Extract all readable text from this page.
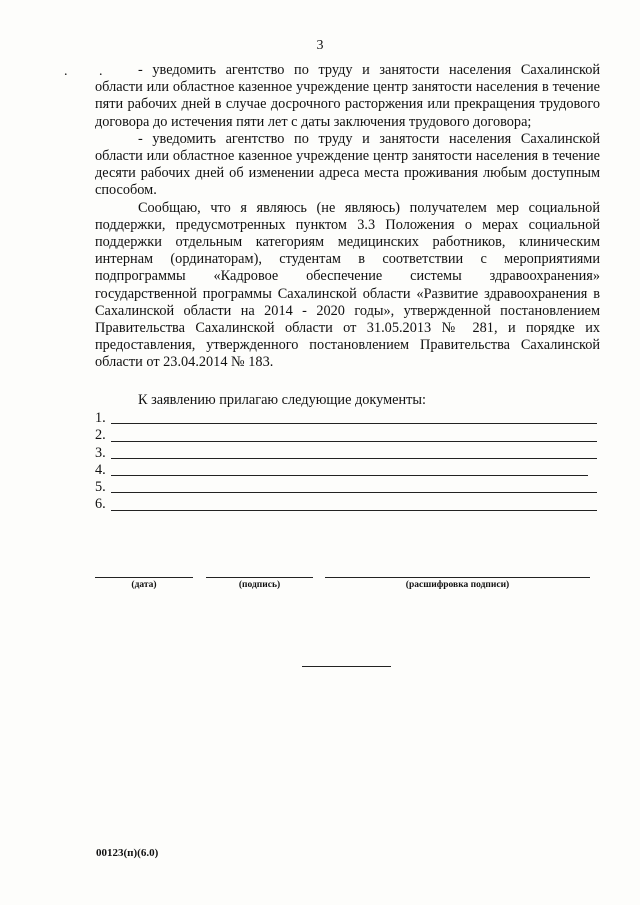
3
. .	- уведомить агентство по труду и занятости населения Сахалинской области или областное казенное учреждение центр занятости населения в течение пяти рабочих дней в случае досрочного расторжения или прекращения трудового договора до истечения пяти лет с даты заключения трудового договора;

- уведомить агентство по труду и занятости населения Сахалинской области или областное казенное учреждение центр занятости населения в течение десяти рабочих дней об изменении адреса места проживания любым доступным способом.

Сообщаю, что я являюсь (не являюсь) получателем мер социальной поддержки, предусмотренных пунктом 3.3 Положения о мерах социальной поддержки отдельным категориям медицинских работников, клиническим интернам (ординаторам), студентам в соответствии с мероприятиями подпрограммы «Кадровое обеспечение системы здравоохранения» государственной программы Сахалинской области «Развитие здравоохранения в Сахалинской области на 2014 - 2020 годы», утвержденной постановлением Правительства Сахалинской области от 31.05.2013 № 281, и порядке их предоставления, утвержденного постановлением Правительства Сахалинской области от 23.04.2014 № 183.

К заявлению прилагаю следующие документы:

1.
2.
3.
4.
5.
6.
(дата)	(подпись)	(расшифровка подписи)
00123(п)(6.0)
